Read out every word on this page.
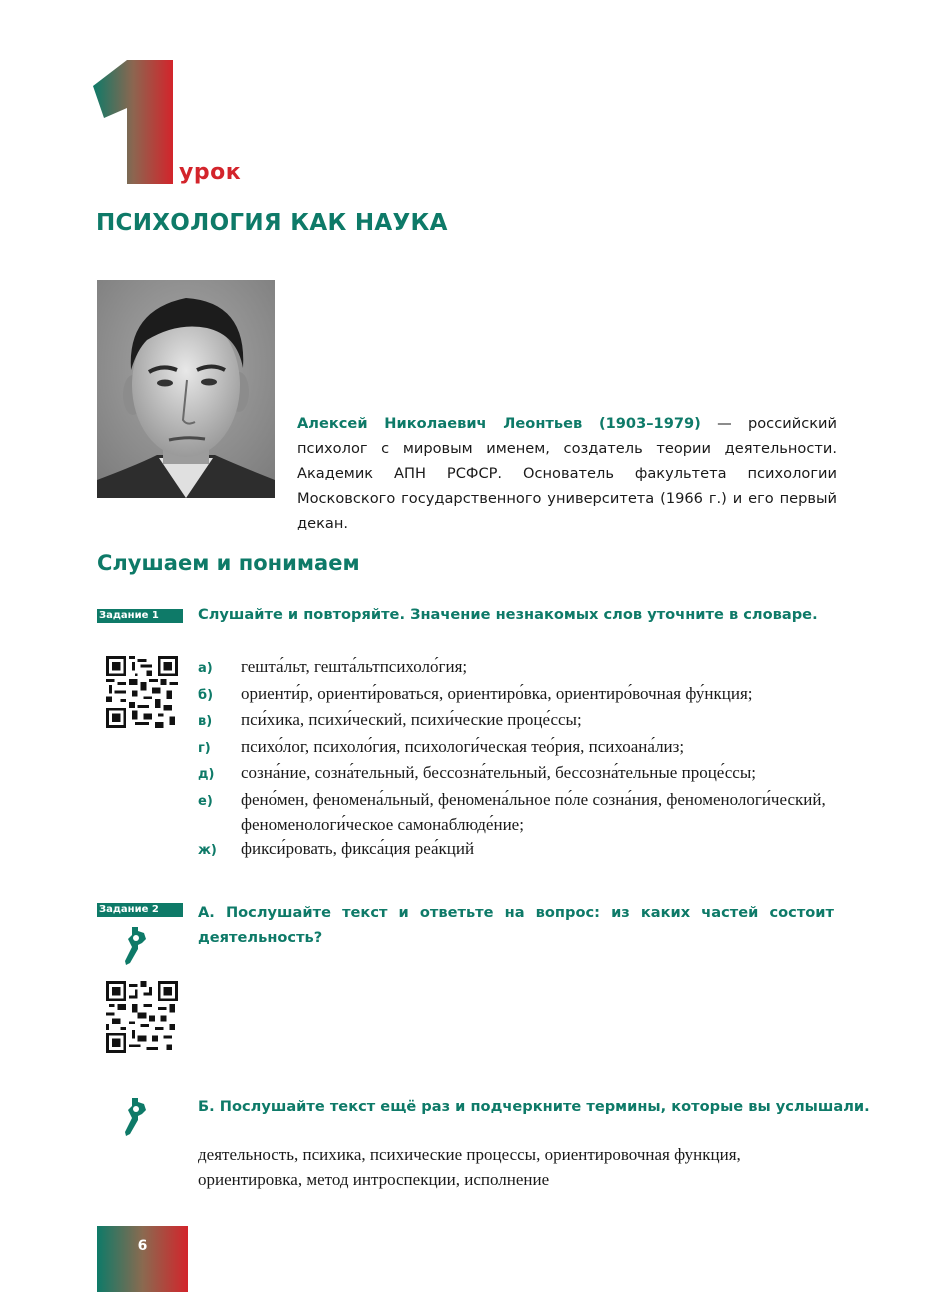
урок
ПСИХОЛОГИЯ КАК НАУКА
Алексей Николаевич Леонтьев (1903–1979) — российский психолог с мировым именем, создатель теории деятельности. Академик АПН РСФСР. Основатель факультета психологии Московского государственного университета (1966 г.) и его первый декан.
Слушаем и понимаем
Задание 1	Слушайте и повторяйте. Значение незнакомых слов уточните в словаре.
а)	гешта́льт, гешта́льтпсихоло́гия;
б)	ориенти́р, ориенти́роваться, ориентиро́вка, ориентиро́вочная фу́нкция;
в)	пси́хика, психи́ческий, психи́ческие проце́ссы;
г)	психо́лог, психоло́гия, психологи́ческая тео́рия, психоана́лиз;
д)	созна́ние, созна́тельный, бессозна́тельный, бессозна́тельные проце́ссы;
е)	фено́мен, феномена́льный, феномена́льное по́ле созна́ния, феноменологи́ческий, феноменологи́ческое самонаблюде́ние;
ж)	фикси́ровать, фикса́ция реа́кций
Задание 2	А. Послушайте текст и ответьте на вопрос: из каких частей состоит деятельность?
Б. Послушайте текст ещё раз и подчеркните термины, которые вы услышали.
деятельность, психика, психические процессы, ориентировочная функция, ориентировка, метод интроспекции, исполнение
6
